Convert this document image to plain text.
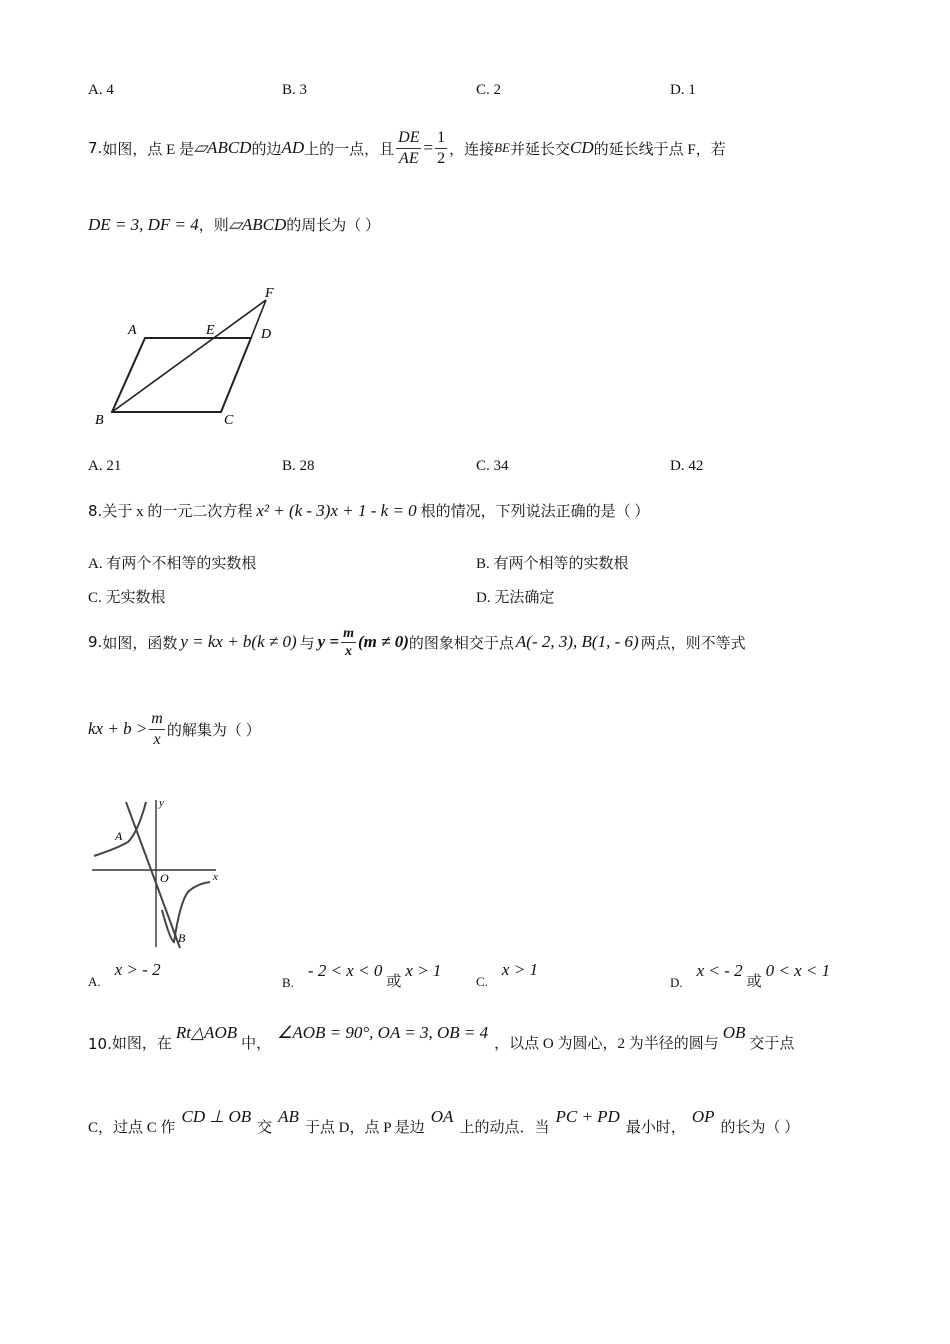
A. 4	B. 3	C. 2	D. 1
7. 如图，点 E 是 ▱ABCD 的边 AD 上的一点，且 $\frac{DE}{AE} = \frac{1}{2}$ ，连接 BE 并延长交 CD 的延长线于点 F，若
DE = 3, DF = 4 ，则 ▱ABCD 的周长为（ ）
A	E	D
F
B	C
A. 21	B. 28	C. 34	D. 42
8. 关于 x 的一元二次方程 x² + (k - 3)x + 1 - k = 0 根的情况，下列说法正确的是（ ）
A. 有两个不相等的实数根	B. 有两个相等的实数根
C. 无实数根	D. 无法确定
9. 如图，函数 y = kx + b(k ≠ 0) 与 $y = \frac{m}{x} (m \ne 0)$ 的图象相交于点 A(- 2, 3), B(1, - 6) 两点，则不等式
kx + $b > \frac{m}{x}$ 的解集为（ ）
x
y
O
A
B
A.
x > - 2
B.
- 2 < x < 0
或
x > 1
C.
x > 1
D.
x < - 2
或
0 < x < 1
10. 如图，在
Rt△AOB
中，
∠AOB = 90°, OA = 3, OB = 4
，以点 O 为圆心，2 为半径的圆与
OB
交于点
C，过点 C 作
CD ⊥ OB
交
AB
于点 D，点 P 是边
OA
上的动点．当
PC + PD
最小时，
OP
的长为（ ）
